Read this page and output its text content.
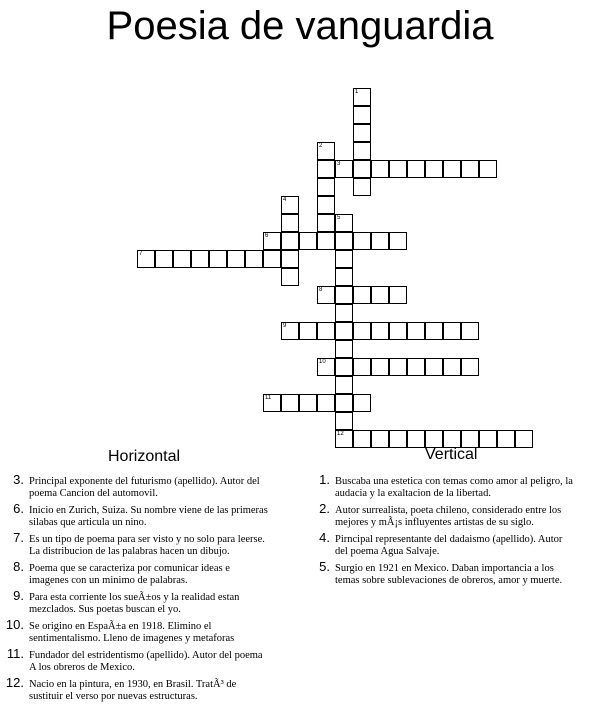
Poesia de vanguardia
1
2
3
4
5
6
7
8
9
10
11
12
Horizontal	Vertical
3. Principal exponente del futurismo (apellido). Autor del
poema Cancion del automovil.
6. Inicio en Zurich, Suiza. Su nombre viene de las primeras
silabas que articula un nino.
7. Es un tipo de poema para ser visto y no solo para leerse.
La distribucion de las palabras hacen un dibujo.
8. Poema que se caracteriza por comunicar ideas e
imagenes con un minimo de palabras.
9. Para esta corriente los sueÃ±os y la realidad estan
mezclados. Sus poetas buscan el yo.
10. Se origino en EspaÃ±a en 1918. Elimino el
sentimentalismo. Lleno de imagenes y metaforas
11. Fundador del estridentismo (apellido). Autor del poema
A los obreros de Mexico.
12. Nacio en la pintura, en 1930, en Brasil. TratÃ³ de
sustituir el verso por nuevas estructuras.
1. Buscaba una estetica con temas como amor al peligro, la
audacia y la exaltacion de la libertad.
2. Autor surrealista, poeta chileno, considerado entre los
mejores y mÃ¡s influyentes artistas de su siglo.
4. Pirncipal representante del dadaismo (apellido). Autor
del poema Agua Salvaje.
5. Surgio en 1921 en Mexico. Daban importancia a los
temas sobre sublevaciones de obreros, amor y muerte.
